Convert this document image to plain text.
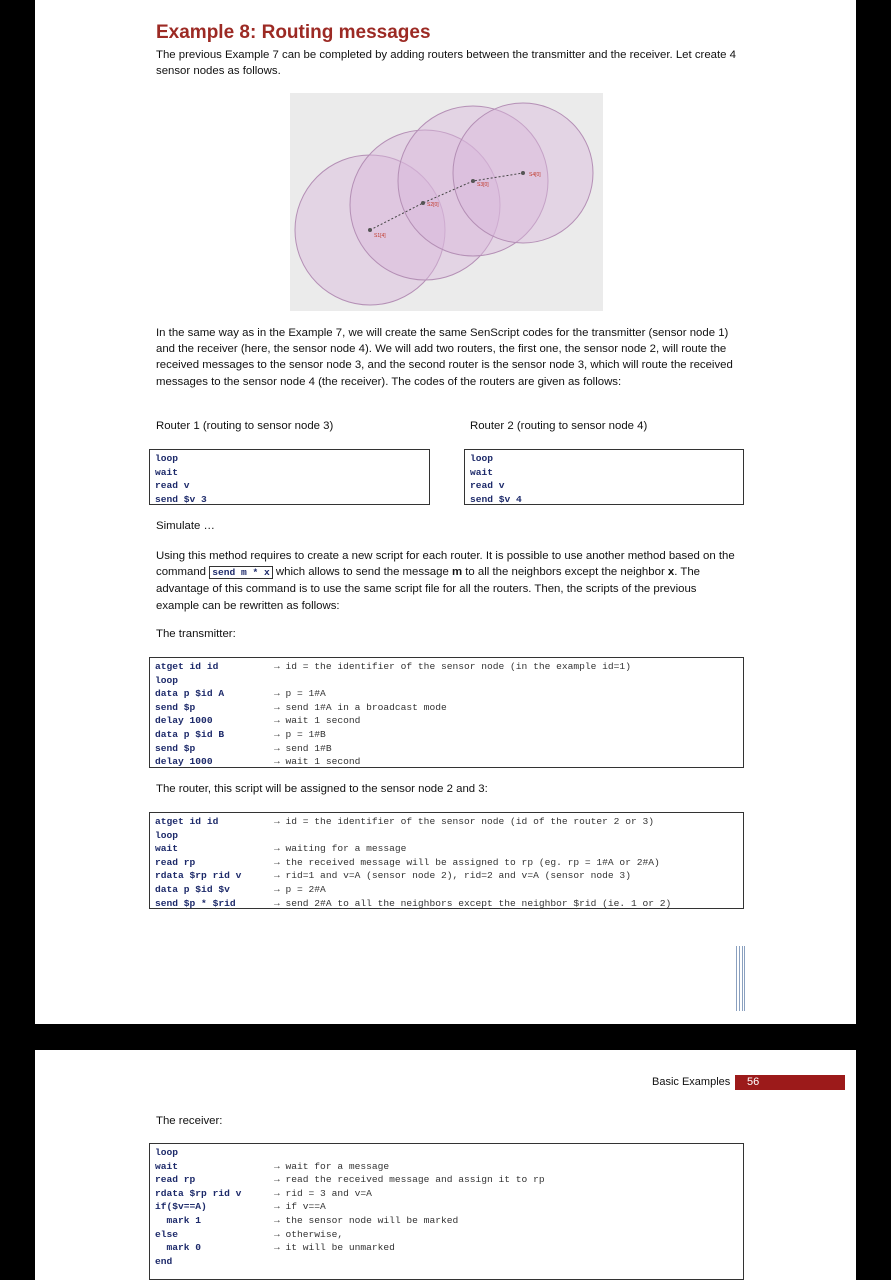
Example 8: Routing messages

The previous Example 7 can be completed by adding routers between the transmitter and the receiver. Let create 4 sensor nodes as follows.

S1[4]
S2[0]
S3[0]
S4[0]

In the same way as in the Example 7, we will create the same SenScript codes for the transmitter (sensor node 1) and the receiver (here, the sensor node 4). We will add two routers, the first one, the sensor node 2, will route the received messages to the sensor node 3, and the second router is the sensor node 3, which will route the received messages to the sensor node 4 (the receiver). The codes of the routers are given as follows:

Router 1 (routing to sensor node 3)	Router 2 (routing to sensor node 4)

loop
wait
read v
send $v 3
loop
wait
read v
send $v 4

Simulate …

Using this method requires to create a new script for each router. It is possible to use another method based on the command send m * x which allows to send the message m to all the neighbors except the neighbor x. The advantage of this command is to use the same script file for all the routers. Then, the scripts of the previous example can be rewritten as follows:

The transmitter:

atget id id
loop
data p $id A
send $p
delay 1000
data p $id B
send $p
delay 1000
→ id = the identifier of the sensor node (in the example id=1)
→ p = 1#A
→ send 1#A in a broadcast mode
→ wait 1 second
→ p = 1#B
→ send 1#B
→ wait 1 second

The router, this script will be assigned to the sensor node 2 and 3:

atget id id
loop
wait
read rp
rdata $rp rid v
data p $id $v
send $p * $rid
→ id = the identifier of the sensor node (id of the router 2 or 3)
→ waiting for a message
→ the received message will be assigned to rp (eg. rp = 1#A or 2#A)
→ rid=1 and v=A (sensor node 2), rid=2 and v=A (sensor node 3)
→ p = 2#A
→ send 2#A to all the neighbors except the neighbor $rid (ie. 1 or 2)
Basic Examples	56

The receiver:

loop
wait
read rp
rdata $rp rid v
if($v==A)
mark 1
else
mark 0
end
→ wait for a message
→ read the received message and assign it to rp
→ rid = 3 and v=A
→ if v==A
→ the sensor node will be marked
→ otherwise,
→ it will be unmarked
